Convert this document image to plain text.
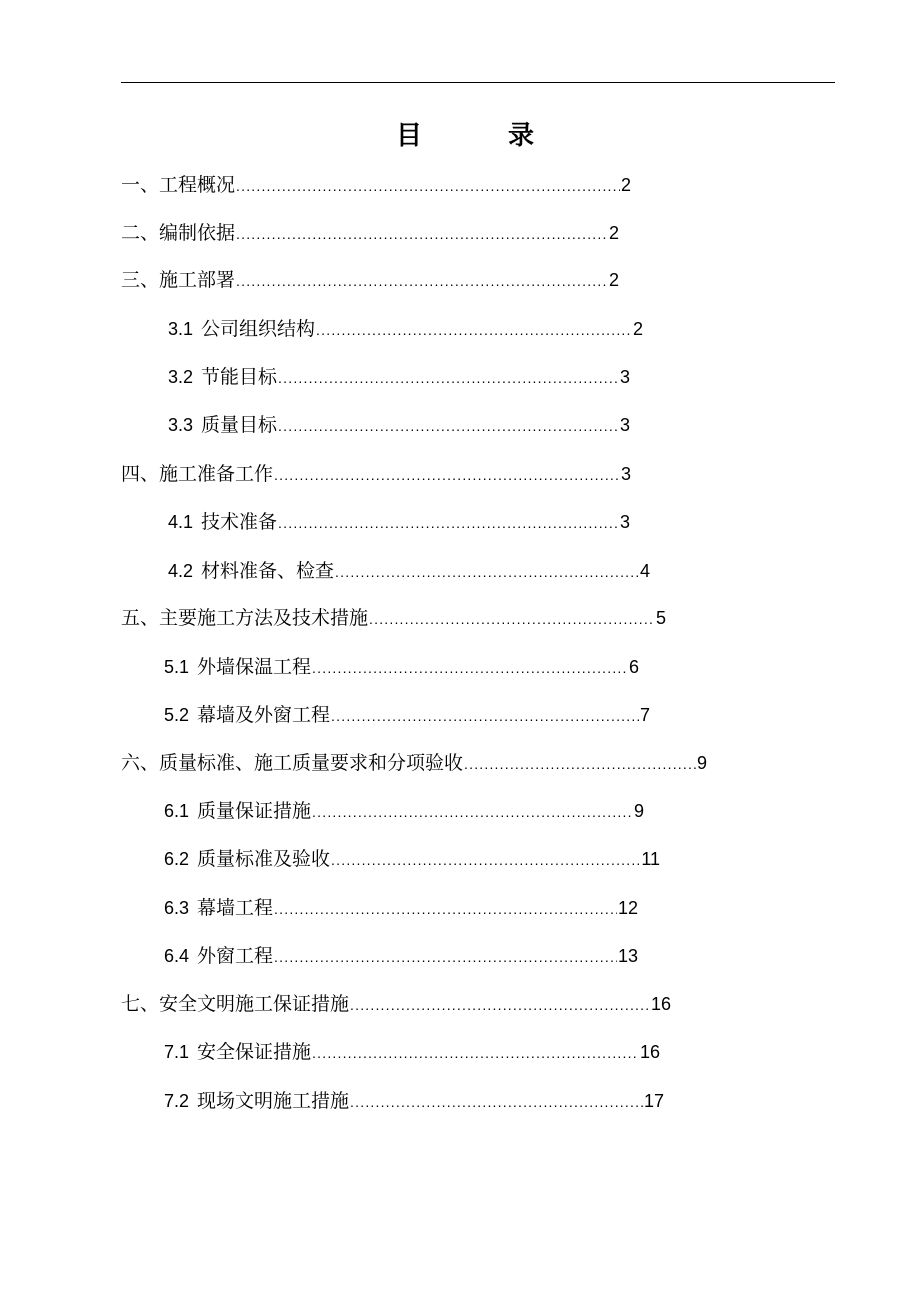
目　录
一、工程概况 .....	2
二、编制依据 .....	2
三、施工部署 .....	2
3.1 公司组织结构 .....	2
3.2 节能目标 .....	3
3.3 质量目标 .....	3
四、施工准备工作 .....	3
4.1 技术准备 .....	3
4.2 材料准备、检查 .....	4
五、主要施工方法及技术措施 .....	5
5.1 外墙保温工程 .....	6
5.2 幕墙及外窗工程 .....	7
六、质量标准、施工质量要求和分项验收 .....	9
6.1 质量保证措施 .....	9
6.2 质量标准及验收 .....	11
6.3 幕墙工程 .....	12
6.4 外窗工程 .....	13
七、安全文明施工保证措施 .....	16
7.1 安全保证措施 .....	16
7.2 现场文明施工措施 .....	17
